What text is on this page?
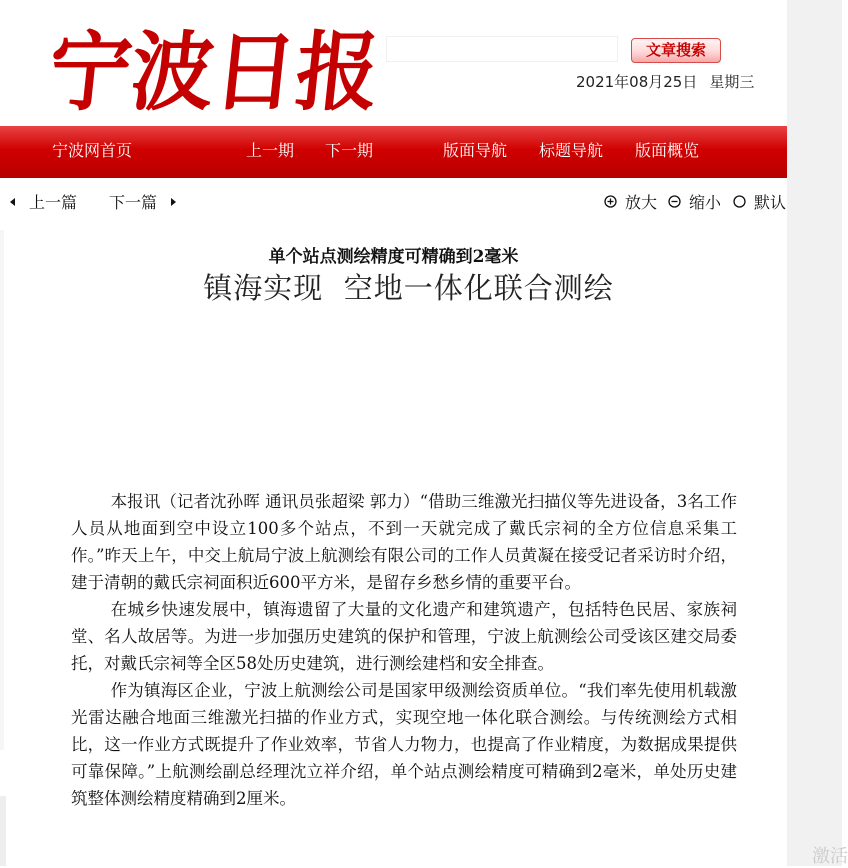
宁波日报	文章搜索
2021年08月25日 星期三
宁波网首页	上一期 下一期	版面导航 标题导航 版面概览
上一篇 下一篇	放大 缩小 默认
单个站点测绘精度可精确到2毫米
镇海实现  空地一体化联合测绘

本报讯（记者沈孙晖 通讯员张超梁 郭力）“借助三维激光扫描仪等先进设备，3名工作人员从地面到空中设立100多个站点，不到一天就完成了戴氏宗祠的全方位信息采集工作。”昨天上午，中交上航局宁波上航测绘有限公司的工作人员黄凝在接受记者采访时介绍，建于清朝的戴氏宗祠面积近600平方米，是留存乡愁乡情的重要平台。

在城乡快速发展中，镇海遗留了大量的文化遗产和建筑遗产，包括特色民居、家族祠堂、名人故居等。为进一步加强历史建筑的保护和管理，宁波上航测绘公司受该区建交局委托，对戴氏宗祠等全区58处历史建筑，进行测绘建档和安全排查。

作为镇海区企业，宁波上航测绘公司是国家甲级测绘资质单位。“我们率先使用机载激光雷达融合地面三维激光扫描的作业方式，实现空地一体化联合测绘。与传统测绘方式相比，这一作业方式既提升了作业效率，节省人力物力，也提高了作业精度，为数据成果提供可靠保障。”上航测绘副总经理沈立祥介绍，单个站点测绘精度可精确到2毫米，单处历史建筑整体测绘精度精确到2厘米。

激活
